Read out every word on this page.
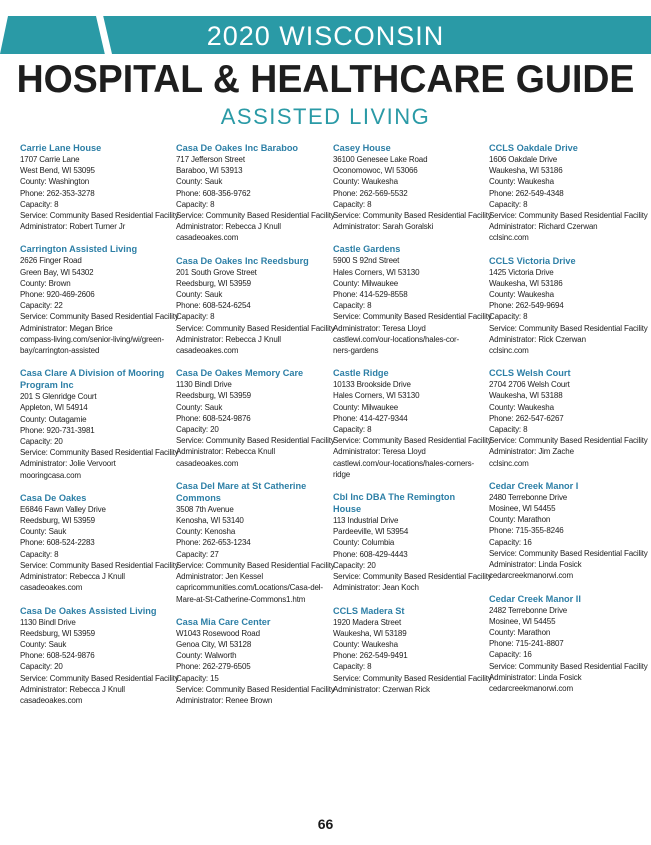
2020 WISCONSIN
HOSPITAL & HEALTHCARE GUIDE
ASSISTED LIVING
Carrie Lane House
1707 Carrie Lane
West Bend, WI 53095
County: Washington
Phone: 262-353-3278
Capacity: 8
Service: Community Based Residential Facility
Administrator: Robert Turner Jr
Carrington Assisted Living
2626 Finger Road
Green Bay, WI 54302
County: Brown
Phone: 920-469-2606
Capacity: 22
Service: Community Based Residential Facility
Administrator: Megan Brice
compass-living.com/senior-living/wi/green-
bay/carrington-assisted
Casa Clare A Division of Mooring Program Inc
201 S Glenridge Court
Appleton, WI 54914
County: Outagamie
Phone: 920-731-3981
Capacity: 20
Service: Community Based Residential Facility
Administrator: Jolie Vervoort
mooringcasa.com
Casa De Oakes
E6846 Fawn Valley Drive
Reedsburg, WI 53959
County: Sauk
Phone: 608-524-2283
Capacity: 8
Service: Community Based Residential Facility
Administrator: Rebecca J Knull
casadeoakes.com
Casa De Oakes Assisted Living
1130 Bindl Drive
Reedsburg, WI 53959
County: Sauk
Phone: 608-524-9876
Capacity: 20
Service: Community Based Residential Facility
Administrator: Rebecca J Knull
casadeoakes.com
Casa De Oakes Inc Baraboo
717 Jefferson Street
Baraboo, WI 53913
County: Sauk
Phone: 608-356-9762
Capacity: 8
Service: Community Based Residential Facility
Administrator: Rebecca J Knull
casadeoakes.com
Casa De Oakes Inc Reedsburg
201 South Grove Street
Reedsburg, WI 53959
County: Sauk
Phone: 608-524-6254
Capacity: 8
Service: Community Based Residential Facility
Administrator: Rebecca J Knull
casadeoakes.com
Casa De Oakes Memory Care
1130 Bindl Drive
Reedsburg, WI 53959
County: Sauk
Phone: 608-524-9876
Capacity: 20
Service: Community Based Residential Facility
Administrator: Rebecca Knull
casadeoakes.com
Casa Del Mare at St Catherine Commons
3508 7th Avenue
Kenosha, WI 53140
County: Kenosha
Phone: 262-653-1234
Capacity: 27
Service: Community Based Residential Facility
Administrator: Jen Kessel
capricommunities.com/Locations/Casa-del-
Mare-at-St-Catherine-Commons1.htm
Casa Mia Care Center
W1043 Rosewood Road
Genoa City, WI 53128
County: Walworth
Phone: 262-279-6505
Capacity: 15
Service: Community Based Residential Facility
Administrator: Renee Brown
Casey House
36100 Genesee Lake Road
Oconomowoc, WI 53066
County: Waukesha
Phone: 262-569-5532
Capacity: 8
Service: Community Based Residential Facility
Administrator: Sarah Goralski
Castle Gardens
5900 S 92nd Street
Hales Corners, WI 53130
County: Milwaukee
Phone: 414-529-8558
Capacity: 8
Service: Community Based Residential Facility
Administrator: Teresa Lloyd
castlewi.com/our-locations/hales-cor-
ners-gardens
Castle Ridge
10133 Brookside Drive
Hales Corners, WI 53130
County: Milwaukee
Phone: 414-427-9344
Capacity: 8
Service: Community Based Residential Facility
Administrator: Teresa Lloyd
castlewi.com/our-locations/hales-corners-
ridge
Cbl Inc DBA The Remington House
113 Industrial Drive
Pardeeville, WI 53954
County: Columbia
Phone: 608-429-4443
Capacity: 20
Service: Community Based Residential Facility
Administrator: Jean Koch
CCLS Madera St
1920 Madera Street
Waukesha, WI 53189
County: Waukesha
Phone: 262-549-9491
Capacity: 8
Service: Community Based Residential Facility
Administrator: Czerwan Rick
CCLS Oakdale Drive
1606 Oakdale Drive
Waukesha, WI 53186
County: Waukesha
Phone: 262-549-4348
Capacity: 8
Service: Community Based Residential Facility
Administrator: Richard Czerwan
cclsinc.com
CCLS Victoria Drive
1425 Victoria Drive
Waukesha, WI 53186
County: Waukesha
Phone: 262-549-9694
Capacity: 8
Service: Community Based Residential Facility
Administrator: Rick Czerwan
cclsinc.com
CCLS Welsh Court
2704 2706 Welsh Court
Waukesha, WI 53188
County: Waukesha
Phone: 262-547-6267
Capacity: 8
Service: Community Based Residential Facility
Administrator: Jim Zache
cclsinc.com
Cedar Creek Manor I
2480 Terrebonne Drive
Mosinee, WI 54455
County: Marathon
Phone: 715-355-8246
Capacity: 16
Service: Community Based Residential Facility
Administrator: Linda Fosick
cedarcreekmanorwi.com
Cedar Creek Manor II
2482 Terrebonne Drive
Mosinee, WI 54455
County: Marathon
Phone: 715-241-8807
Capacity: 16
Service: Community Based Residential Facility
Administrator: Linda Fosick
cedarcreekmanorwi.com
66
